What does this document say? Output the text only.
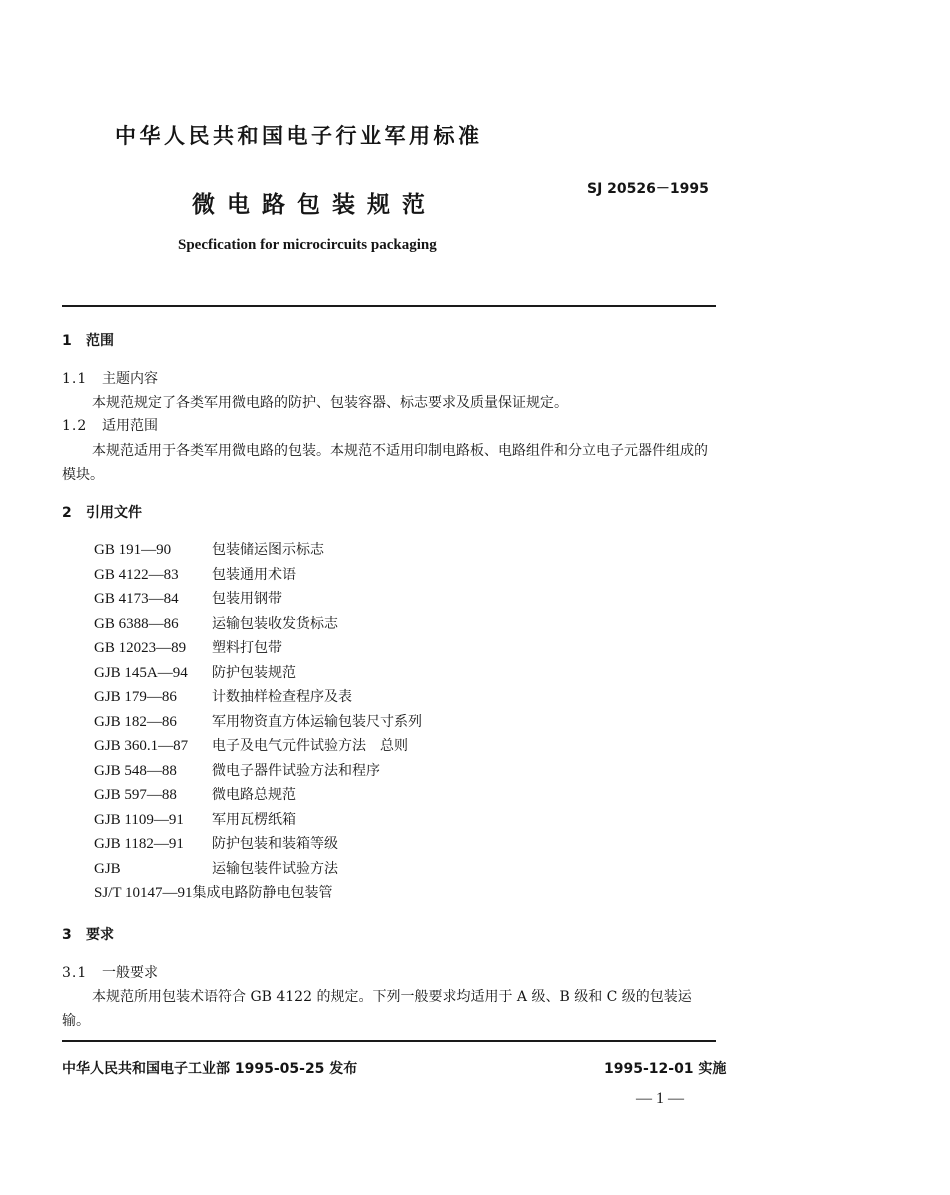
中华人民共和国电子行业军用标准
微电路包装规范
SJ 20526－1995
Specfication for microcircuits packaging
1 范围
1.1 主题内容
本规范规定了各类军用微电路的防护、包装容器、标志要求及质量保证规定。
1.2 适用范围
本规范适用于各类军用微电路的包装。本规范不适用印制电路板、电路组件和分立电子元器件组成的模块。
2 引用文件
GB 191—90	包装储运图示标志
GB 4122—83 包装通用术语
GB 4173—84 包装用钢带
GB 6388—86 运输包装收发货标志
GB 12023—89 塑料打包带
GJB 145A—94 防护包装规范
GJB 179—86	计数抽样检查程序及表
GJB 182—86	军用物资直方体运输包装尺寸系列
GJB 360.1—87 电子及电气元件试验方法　总则
GJB 548—88	微电子器件试验方法和程序
GJB 597—88	微电路总规范
GJB 1109—91 军用瓦楞纸箱
GJB 1182—91 防护包装和装箱等级
GJB	运输包装件试验方法
SJ/T 10147—91集成电路防静电包装管
3 要求
3.1 一般要求
本规范所用包装术语符合 GB 4122 的规定。下列一般要求均适用于 A 级、B 级和 C 级的包装运输。
中华人民共和国电子工业部 1995-05-25 发布	1995-12-01 实施
— 1 —
